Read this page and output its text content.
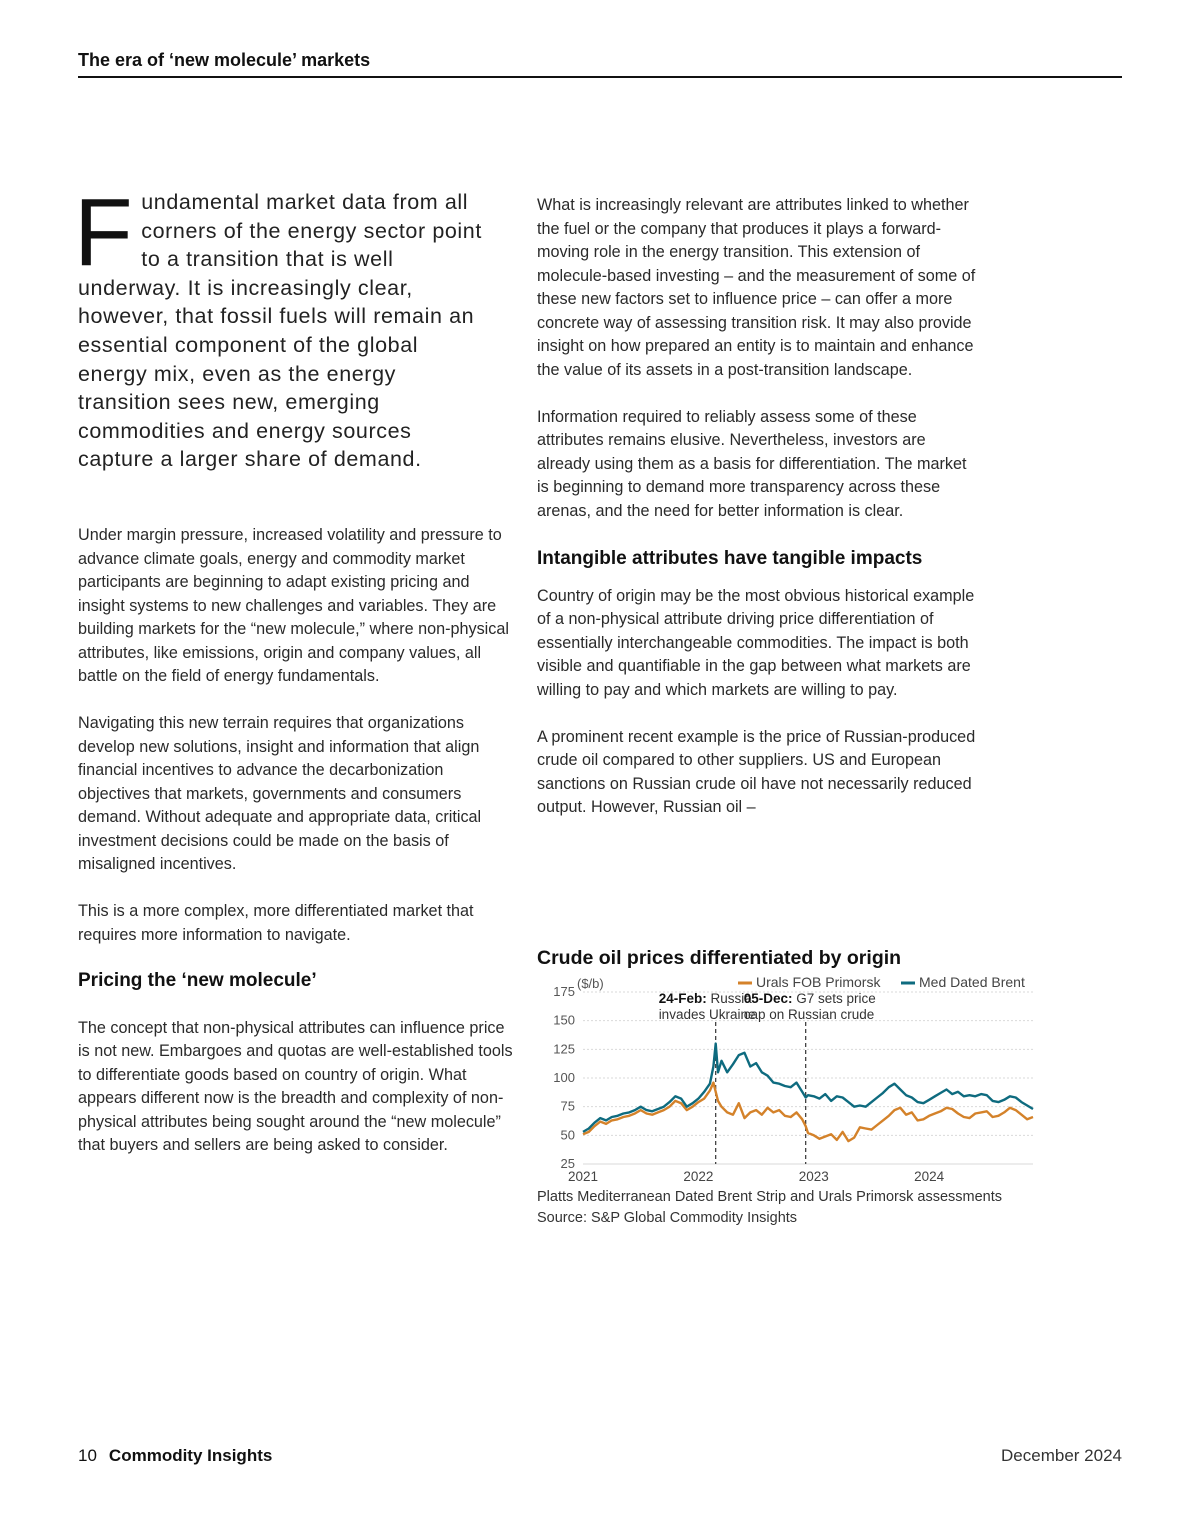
The era of ‘new molecule’ markets
Fundamental market data from all corners of the energy sector point to a transition that is well underway. It is increasingly clear, however, that fossil fuels will remain an essential component of the global energy mix, even as the energy transition sees new, emerging commodities and energy sources capture a larger share of demand.

Under margin pressure, increased volatility and pressure to advance climate goals, energy and commodity market participants are beginning to adapt existing pricing and insight systems to new challenges and variables. They are building markets for the “new molecule,” where non-physical attributes, like emissions, origin and company values, all battle on the field of energy fundamentals.

Navigating this new terrain requires that organizations develop new solutions, insight and information that align financial incentives to advance the decarbonization objectives that markets, governments and consumers demand. Without adequate and appropriate data, critical investment decisions could be made on the basis of misaligned incentives.

This is a more complex, more differentiated market that requires more information to navigate.

Pricing the ‘new molecule’

The concept that non-physical attributes can influence price is not new. Embargoes and quotas are well-established tools to differentiate goods based on country of origin. What appears different now is the breadth and complexity of non-physical attributes being sought around the “new molecule” that buyers and sellers are being asked to consider.

What is increasingly relevant are attributes linked to whether the fuel or the company that produces it plays a forward-moving role in the energy transition. This extension of molecule-based investing – and the measurement of some of these new factors set to influence price – can offer a more concrete way of assessing transition risk. It may also provide insight on how prepared an entity is to maintain and enhance the value of its assets in a post-transition landscape.

Information required to reliably assess some of these attributes remains elusive. Nevertheless, investors are already using them as a basis for differentiation. The market is beginning to demand more transparency across these arenas, and the need for better information is clear.

Intangible attributes have tangible impacts

Country of origin may be the most obvious historical example of a non-physical attribute driving price differentiation of essentially interchangeable commodities. The impact is both visible and quantifiable in the gap between what markets are willing to pay and which markets are willing to pay.

A prominent recent example is the price of Russian-produced crude oil compared to other suppliers. US and European sanctions on Russian crude oil have not necessarily reduced output. However, Russian oil –

Crude oil prices differentiated by origin
25
50
75
100
125
150
175
($/b)
2021	2022	2023	2024
24-Feb: Russia
invades Ukraine
05-Dec: G7 sets price
cap on Russian crude
Urals FOB Primorsk	Med Dated Brent
Platts Mediterranean Dated Brent Strip and Urals Primorsk assessments
Source: S&P Global Commodity Insights
10 Commodity Insights	December 2024
